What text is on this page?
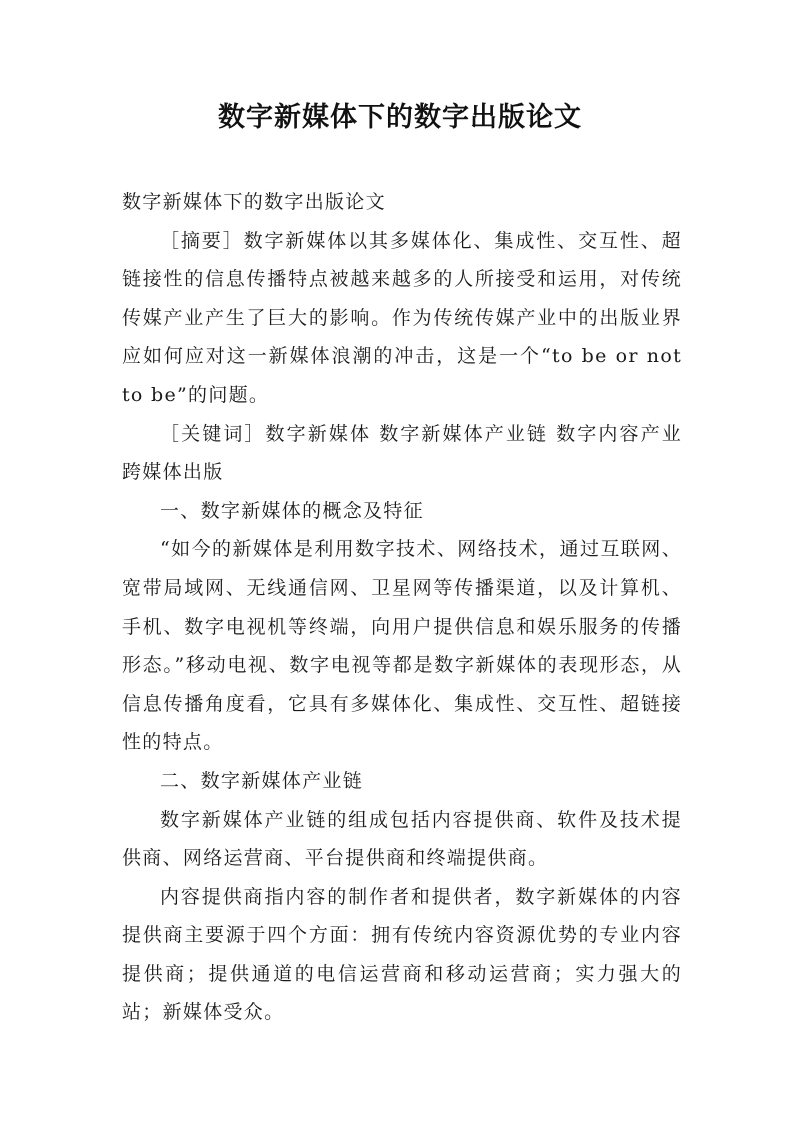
数字新媒体下的数字出版论文

数字新媒体下的数字出版论文

［摘要］数字新媒体以其多媒体化、集成性、交互性、超链接性的信息传播特点被越来越多的人所接受和运用，对传统传媒产业产生了巨大的影响。作为传统传媒产业中的出版业界应如何应对这一新媒体浪潮的冲击，这是一个“to be or not to be”的问题。

［关键词］数字新媒体 数字新媒体产业链 数字内容产业 跨媒体出版

一、数字新媒体的概念及特征

“如今的新媒体是利用数字技术、网络技术，通过互联网、宽带局域网、无线通信网、卫星网等传播渠道，以及计算机、手机、数字电视机等终端，向用户提供信息和娱乐服务的传播形态。”移动电视、数字电视等都是数字新媒体的表现形态，从信息传播角度看，它具有多媒体化、集成性、交互性、超链接性的特点。

二、数字新媒体产业链

数字新媒体产业链的组成包括内容提供商、软件及技术提供商、网络运营商、平台提供商和终端提供商。

内容提供商指内容的制作者和提供者，数字新媒体的内容提供商主要源于四个方面：拥有传统内容资源优势的专业内容提供商；提供通道的电信运营商和移动运营商；实力强大的站；新媒体受众。
